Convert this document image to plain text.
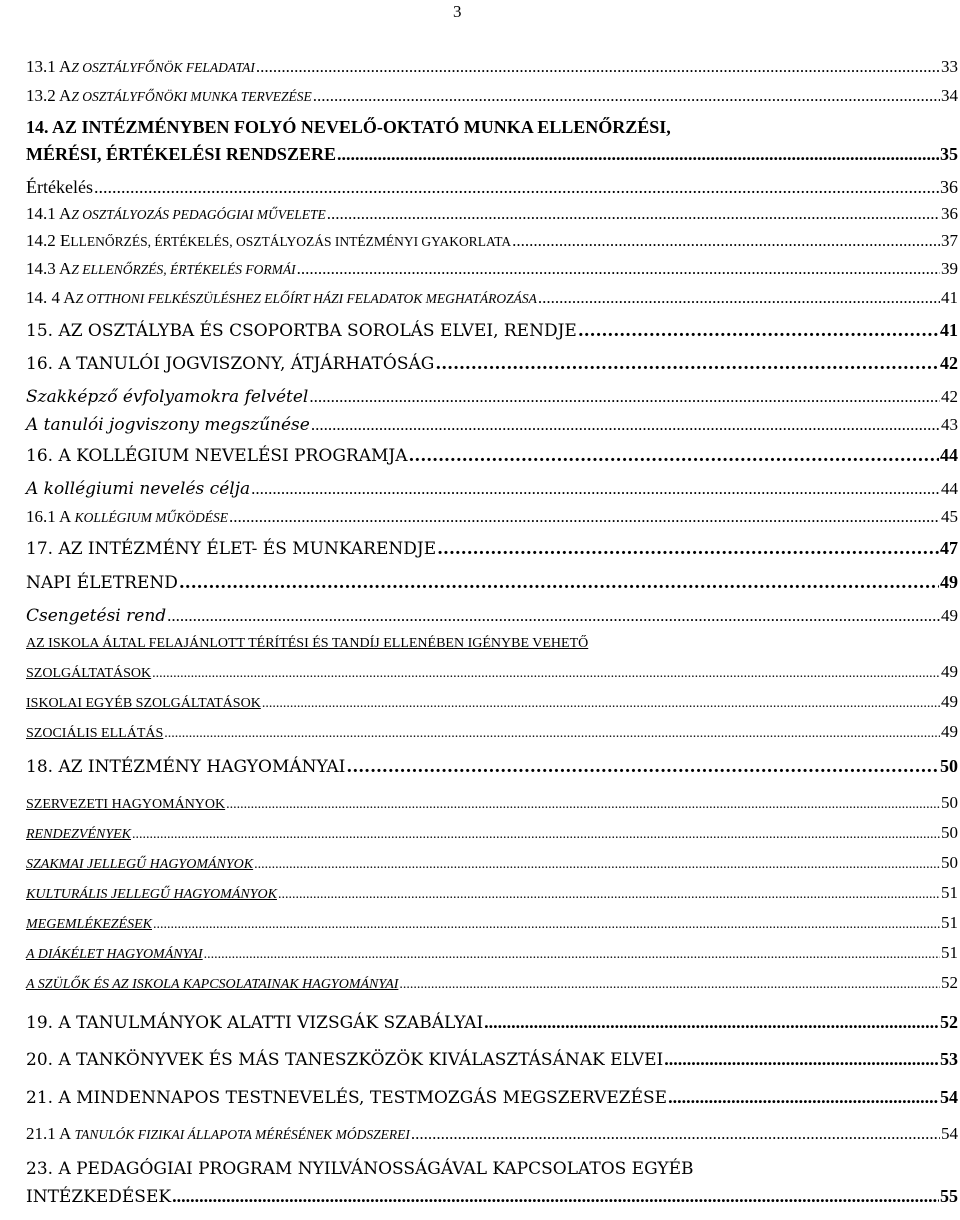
3
13.1 AZ OSZTÁLYFŐNÖK FELADATAI .....	33
13.2 AZ OSZTÁLYFŐNÖKI MUNKA TERVEZÉSE .....	34
14. AZ INTÉZMÉNYBEN FOLYÓ NEVELŐ-OKTATÓ MUNKA ELLENŐRZÉSI,
MÉRÉSI, ÉRTÉKELÉSI RENDSZERE .....	35
Értékelés .....	36
14.1 AZ OSZTÁLYOZÁS PEDAGÓGIAI MŰVELETE .....	36
14.2 ELLENŐRZÉS, ÉRTÉKELÉS, OSZTÁLYOZÁS INTÉZMÉNYI GYAKORLATA .....	37
14.3 AZ ELLENŐRZÉS, ÉRTÉKELÉS FORMÁI .....	39
14. 4 AZ OTTHONI FELKÉSZÜLÉSHEZ ELŐÍRT HÁZI FELADATOK MEGHATÁROZÁSA .....	41
15. AZ OSZTÁLYBA ÉS CSOPORTBA SOROLÁS ELVEI, RENDJE .....	41
16. A TANULÓI JOGVISZONY, ÁTJÁRHATÓSÁG .....	42
Szakképző évfolyamokra felvétel .....	42
A tanulói jogviszony megszűnése .....	43
16. A KOLLÉGIUM NEVELÉSI PROGRAMJA .....	44
A kollégiumi nevelés célja .....	44
16.1 A KOLLÉGIUM MŰKÖDÉSE .....	45
17. AZ INTÉZMÉNY ÉLET- ÉS MUNKARENDJE .....	47
NAPI ÉLETREND .....	49
Csengetési rend .....	49
AZ ISKOLA ÁLTAL FELAJÁNLOTT TÉRÍTÉSI ÉS TANDÍJ ELLENÉBEN IGÉNYBE VEHETŐ
SZOLGÁLTATÁSOK .....	49
ISKOLAI EGYÉB SZOLGÁLTATÁSOK .....	49
SZOCIÁLIS ELLÁTÁS .....	49
18. AZ INTÉZMÉNY HAGYOMÁNYAI .....	50
SZERVEZETI HAGYOMÁNYOK .....	50
RENDEZVÉNYEK .....	50
SZAKMAI JELLEGŰ HAGYOMÁNYOK .....	50
KULTURÁLIS JELLEGŰ HAGYOMÁNYOK .....	51
MEGEMLÉKEZÉSEK .....	51
A DIÁKÉLET HAGYOMÁNYAI .....	51
A SZÜLŐK ÉS AZ ISKOLA KAPCSOLATAINAK HAGYOMÁNYAI .....	52
19. A TANULMÁNYOK ALATTI VIZSGÁK SZABÁLYAI .....	52
20. A TANKÖNYVEK ÉS MÁS TANESZKÖZÖK KIVÁLASZTÁSÁNAK ELVEI .....	53
21. A MINDENNAPOS TESTNEVELÉS, TESTMOZGÁS MEGSZERVEZÉSE .....	54
21.1 A TANULÓK FIZIKAI ÁLLAPOTA MÉRÉSÉNEK MÓDSZEREI .....	54
23. A PEDAGÓGIAI PROGRAM NYILVÁNOSSÁGÁVAL KAPCSOLATOS EGYÉB
INTÉZKEDÉSEK .....	55
